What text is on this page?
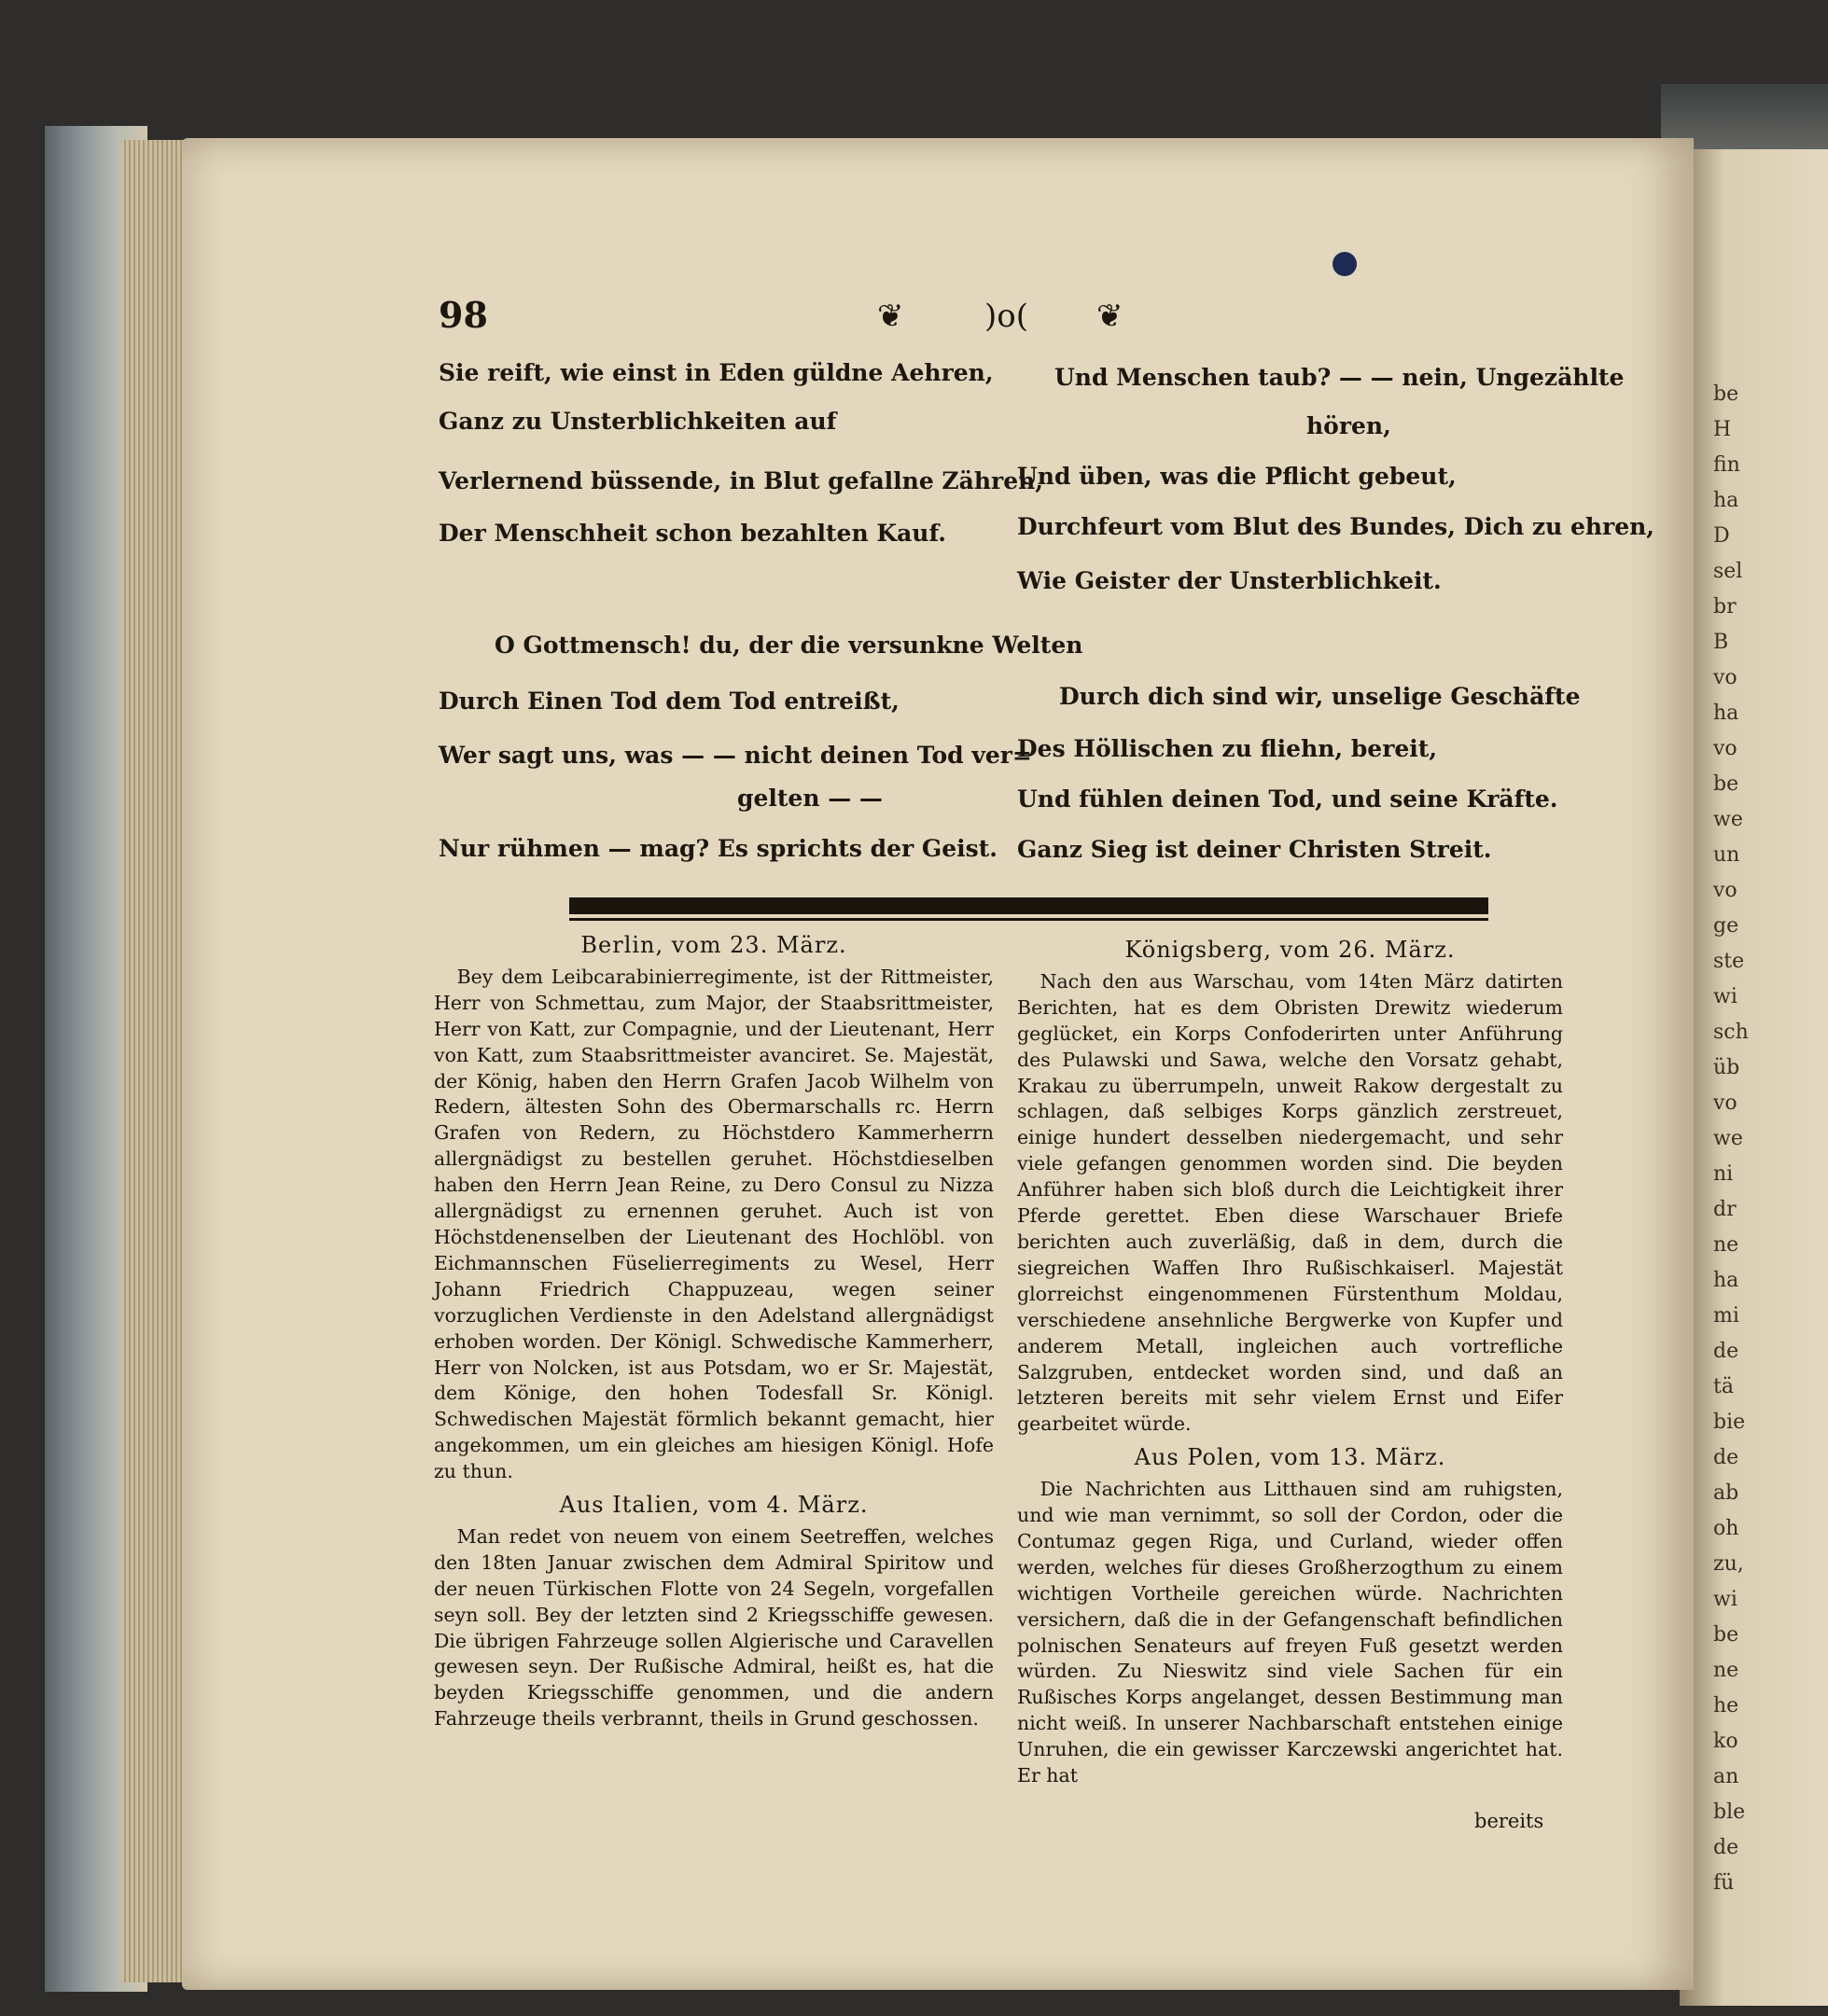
be
H
fin
ha
D
sel
br
B
vo
ha
vo
be
we
un
vo
ge
ste
wi
sch
üb
vo
we
ni
dr
ne
ha
mi
de
tä
bie
de
ab
oh
zu,
wi
be
ne
he
ko
an
ble
de
fü
98	❦	)o( ❦
Sie reift, wie einst in Eden güldne Aehren,
Ganz zu Unsterblichkeiten auf
Verlernend büssende, in Blut gefallne Zähren,
Der Menschheit schon bezahlten Kauf.
O Gottmensch! du, der die versunkne Welten
Durch Einen Tod dem Tod entreißt,
Wer sagt uns, was — — nicht deinen Tod ver=
gelten — —
Nur rühmen — mag? Es sprichts der Geist.
Und Menschen taub? — — nein, Ungezählte
hören,
Und üben, was die Pflicht gebeut,
Durchfeurt vom Blut des Bundes, Dich zu ehren,
Wie Geister der Unsterblichkeit.
Durch dich sind wir, unselige Geschäfte
Des Höllischen zu fliehn, bereit,
Und fühlen deinen Tod, und seine Kräfte.
Ganz Sieg ist deiner Christen Streit.
Berlin, vom 23. März.

Bey dem Leibcarabinierregimente, ist der Rittmeister, Herr von Schmettau, zum Major, der Staabsrittmeister, Herr von Katt, zur Compagnie, und der Lieutenant, Herr von Katt, zum Staabsrittmeister avanciret. Se. Majestät, der König, haben den Herrn Grafen Jacob Wilhelm von Redern, ältesten Sohn des Obermarschalls rc. Herrn Grafen von Redern, zu Höchstdero Kammerherrn allergnädigst zu bestellen geruhet. Höchstdieselben haben den Herrn Jean Reine, zu Dero Consul zu Nizza allergnädigst zu ernennen geruhet. Auch ist von Höchstdenenselben der Lieutenant des Hochlöbl. von Eichmannschen Füselierregiments zu Wesel, Herr Johann Friedrich Chappuzeau, wegen seiner vorzuglichen Verdienste in den Adelstand allergnädigst erhoben worden. Der Königl. Schwedische Kammerherr, Herr von Nolcken, ist aus Potsdam, wo er Sr. Majestät, dem Könige, den hohen Todesfall Sr. Königl. Schwedischen Majestät förmlich bekannt gemacht, hier angekommen, um ein gleiches am hiesigen Königl. Hofe zu thun.

Aus Italien, vom 4. März.

Man redet von neuem von einem Seetreffen, welches den 18ten Januar zwischen dem Admiral Spiritow und der neuen Türkischen Flotte von 24 Segeln, vorgefallen seyn soll. Bey der letzten sind 2 Kriegsschiffe gewesen. Die übrigen Fahrzeuge sollen Algierische und Caravellen gewesen seyn. Der Rußische Admiral, heißt es, hat die beyden Kriegsschiffe genommen, und die andern Fahrzeuge theils verbrannt, theils in Grund geschossen.

Königsberg, vom 26. März.

Nach den aus Warschau, vom 14ten März datirten Berichten, hat es dem Obristen Drewitz wiederum geglücket, ein Korps Confoderirten unter Anführung des Pulawski und Sawa, welche den Vorsatz gehabt, Krakau zu überrumpeln, unweit Rakow dergestalt zu schlagen, daß selbiges Korps gänzlich zerstreuet, einige hundert desselben niedergemacht, und sehr viele gefangen genommen worden sind. Die beyden Anführer haben sich bloß durch die Leichtigkeit ihrer Pferde gerettet. Eben diese Warschauer Briefe berichten auch zuverläßig, daß in dem, durch die siegreichen Waffen Ihro Rußischkaiserl. Majestät glorreichst eingenommenen Fürstenthum Moldau, verschiedene ansehnliche Bergwerke von Kupfer und anderem Metall, ingleichen auch vortrefliche Salzgruben, entdecket worden sind, und daß an letzteren bereits mit sehr vielem Ernst und Eifer gearbeitet würde.

Aus Polen, vom 13. März.

Die Nachrichten aus Litthauen sind am ruhigsten, und wie man vernimmt, so soll der Cordon, oder die Contumaz gegen Riga, und Curland, wieder offen werden, welches für dieses Großherzogthum zu einem wichtigen Vortheile gereichen würde. Nachrichten versichern, daß die in der Gefangenschaft befindlichen polnischen Senateurs auf freyen Fuß gesetzt werden würden. Zu Nieswitz sind viele Sachen für ein Rußisches Korps angelanget, dessen Bestimmung man nicht weiß. In unserer Nachbarschaft entstehen einige Unruhen, die ein gewisser Karczewski angerichtet hat. Er hat

bereits
